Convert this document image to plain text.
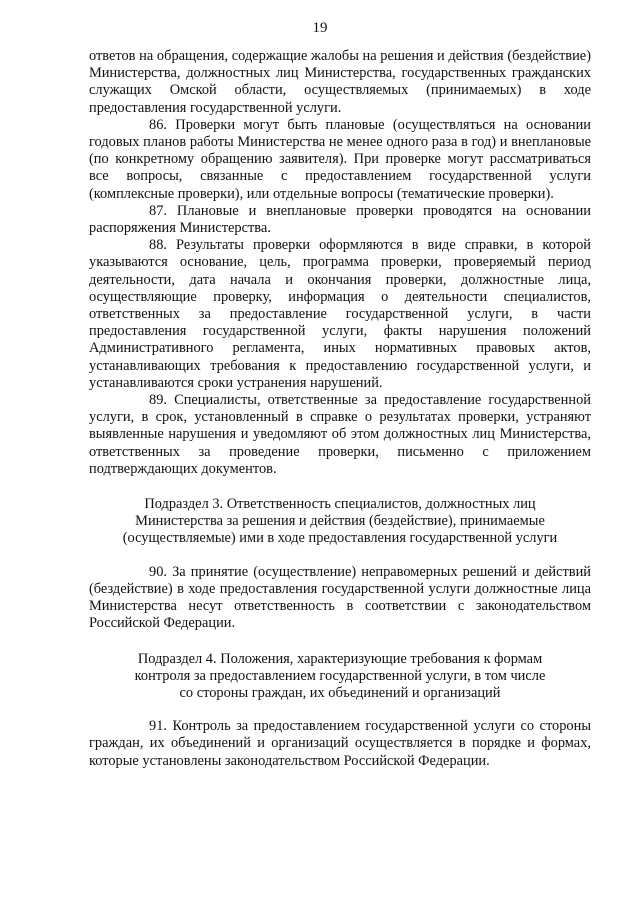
19

ответов на обращения, содержащие жалобы на решения и действия (бездействие) Министерства, должностных лиц Министерства, государственных гражданских служащих Омской области, осуществляемых (принимаемых) в ходе предоставления государственной услуги.

86. Проверки могут быть плановые (осуществляться на основании годовых планов работы Министерства не менее одного раза в год) и внеплановые (по конкретному обращению заявителя). При проверке могут рассматриваться все вопросы, связанные с предоставлением государственной услуги (комплексные проверки), или отдельные вопросы (тематические проверки).

87. Плановые и внеплановые проверки проводятся на основании распоряжения Министерства.

88. Результаты проверки оформляются в виде справки, в которой указываются основание, цель, программа проверки, проверяемый период деятельности, дата начала и окончания проверки, должностные лица, осуществляющие проверку, информация о деятельности специалистов, ответственных за предоставление государственной услуги, в части предоставления государственной услуги, факты нарушения положений Административного регламента, иных нормативных правовых актов, устанавливающих требования к предоставлению государственной услуги, и устанавливаются сроки устранения нарушений.

89. Специалисты, ответственные за предоставление государственной услуги, в срок, установленный в справке о результатах проверки, устраняют выявленные нарушения и уведомляют об этом должностных лиц Министерства, ответственных за проведение проверки, письменно с приложением подтверждающих документов.

Подраздел 3. Ответственность специалистов, должностных лиц
Министерства за решения и действия (бездействие), принимаемые
(осуществляемые) ими в ходе предоставления государственной услуги

90. За принятие (осуществление) неправомерных решений и действий (бездействие) в ходе предоставления государственной услуги должностные лица Министерства несут ответственность в соответствии с законодательством Российской Федерации.

Подраздел 4. Положения, характеризующие требования к формам
контроля за предоставлением государственной услуги, в том числе
со стороны граждан, их объединений и организаций

91. Контроль за предоставлением государственной услуги со стороны граждан, их объединений и организаций осуществляется в порядке и формах, которые установлены законодательством Российской Федерации.
